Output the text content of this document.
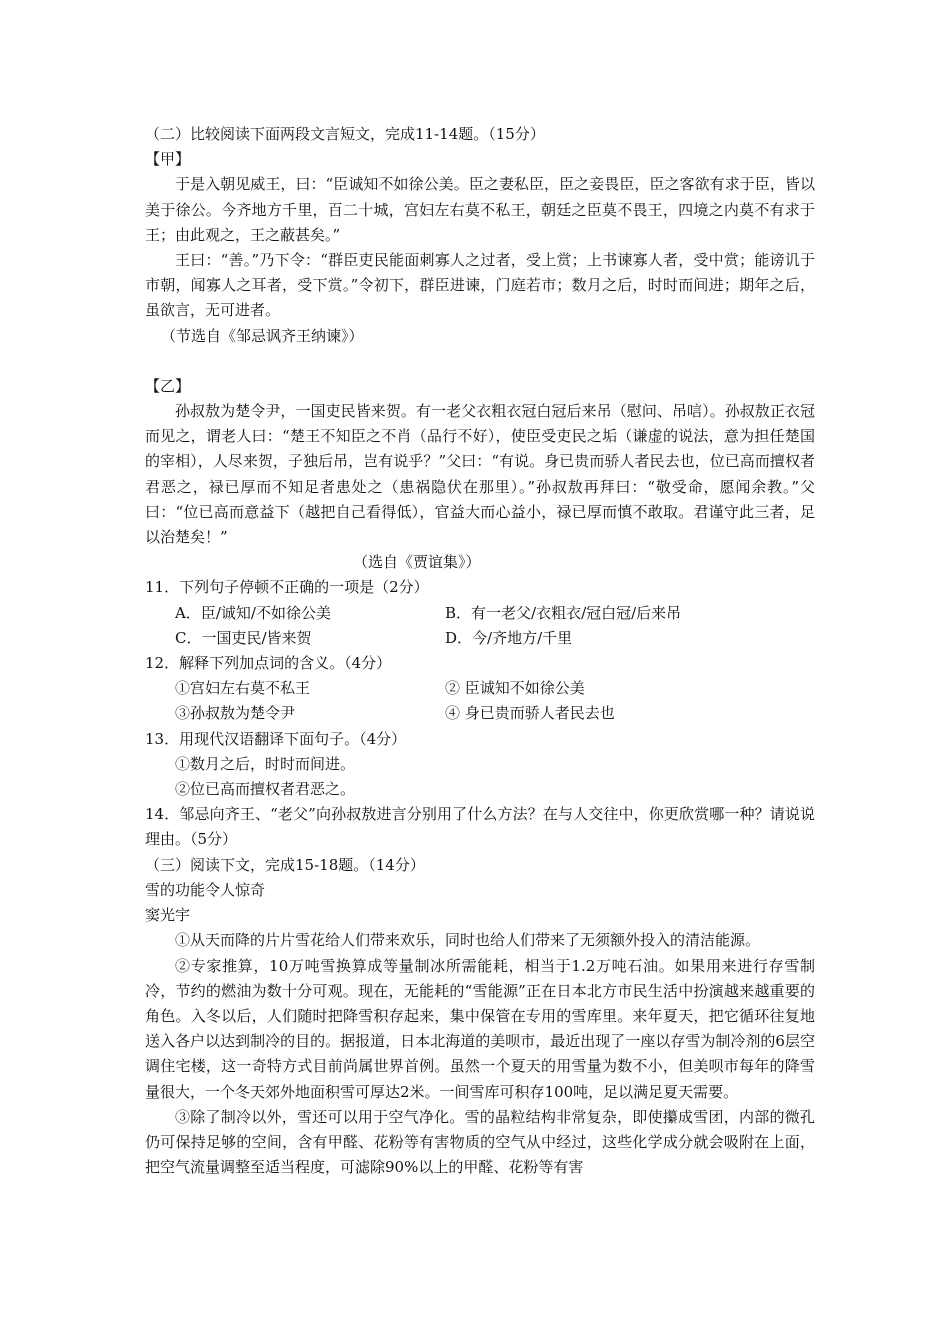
（二）比较阅读下面两段文言短文，完成11-14题。（15分）

【甲】

于是入朝见威王，曰：“臣诚知不如徐公美。臣之妻私臣，臣之妾畏臣，臣之客欲有求于臣，皆以美于徐公。今齐地方千里，百二十城，宫妇左右莫不私王，朝廷之臣莫不畏王，四境之内莫不有求于王；由此观之，王之蔽甚矣。”

王曰：“善。”乃下令：“群臣吏民能面刺寡人之过者，受上赏；上书谏寡人者，受中赏；能谤讥于市朝，闻寡人之耳者，受下赏。”令初下，群臣进谏，门庭若市；数月之后，时时而间进；期年之后，虽欲言，无可进者。

（节选自《邹忌讽齐王纳谏》）

【乙】

孙叔敖为楚令尹，一国吏民皆来贺。有一老父衣粗衣冠白冠后来吊（慰问、吊唁）。孙叔敖正衣冠而见之，谓老人曰：“楚王不知臣之不肖（品行不好），使臣受吏民之垢（谦虚的说法，意为担任楚国的宰相），人尽来贺，子独后吊，岂有说乎？”父曰：“有说。身已贵而骄人者民去也，位已高而擅权者君恶之，禄已厚而不知足者患处之（患祸隐伏在那里）。”孙叔敖再拜曰：“敬受命，愿闻余教。”父曰：“位已高而意益下（越把自己看得低），官益大而心益小，禄已厚而慎不敢取。君谨守此三者，足以治楚矣！”

（选自《贾谊集》）

11．下列句子停顿不正确的一项是（2分）

A．臣/诚知/不如徐公美	B．有一老父/衣粗衣/冠白冠/后来吊
C．一国吏民/皆来贺	D．今/齐地方/千里

12．解释下列加点词的含义。（4分）

①宫妇左右莫不私王	② 臣诚知不如徐公美
③孙叔敖为楚令尹	④ 身已贵而骄人者民去也

13．用现代汉语翻译下面句子。（4分）

①数月之后，时时而间进。

②位已高而擅权者君恶之。

14．邹忌向齐王、“老父”向孙叔敖进言分别用了什么方法？在与人交往中，你更欣赏哪一种？请说说理由。（5分）

（三）阅读下文，完成15-18题。（14分）

雪的功能令人惊奇

窦光宇

①从天而降的片片雪花给人们带来欢乐，同时也给人们带来了无须额外投入的清洁能源。

②专家推算，10万吨雪换算成等量制冰所需能耗，相当于1.2万吨石油。如果用来进行存雪制冷，节约的燃油为数十分可观。现在，无能耗的“雪能源”正在日本北方市民生活中扮演越来越重要的角色。入冬以后，人们随时把降雪积存起来，集中保管在专用的雪库里。来年夏天，把它循环往复地送入各户以达到制冷的目的。据报道，日本北海道的美呗市，最近出现了一座以存雪为制冷剂的6层空调住宅楼，这一奇特方式目前尚属世界首例。虽然一个夏天的用雪量为数不小，但美呗市每年的降雪量很大，一个冬天郊外地面积雪可厚达2米。一间雪库可积存100吨，足以满足夏天需要。

③除了制冷以外，雪还可以用于空气净化。雪的晶粒结构非常复杂，即使攥成雪团，内部的微孔仍可保持足够的空间，含有甲醛、花粉等有害物质的空气从中经过，这些化学成分就会吸附在上面，把空气流量调整至适当程度，可滤除90%以上的甲醛、花粉等有害
